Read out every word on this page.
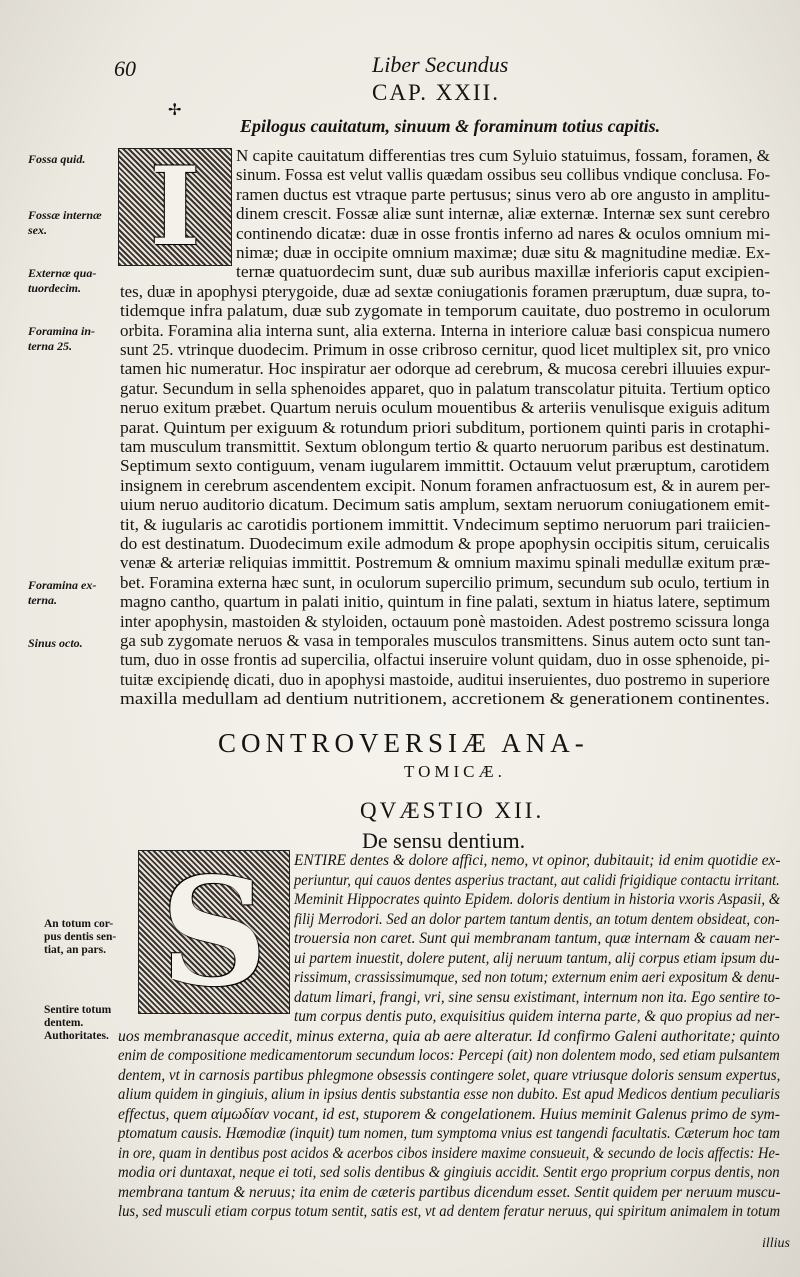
60	Liber Secundus
CAP. XXII.
✢
Epilogus cauitatum, sinuum & foraminum totius capitis.
Fossa quid.
Fossæ internæ
sex.
Externæ qua-
tuordecim.
Foramina in-
terna 25.
Foramina ex-
terna.
Sinus octo.
I	N capite cauitatum differentias tres cum Syluio statuimus, fossam, foramen, &
sinum. Fossa est velut vallis quædam ossibus seu collibus vndique conclusa. Fo-
ramen ductus est vtraque parte pertusus; sinus vero ab ore angusto in amplitu-
dinem crescit. Fossæ aliæ sunt internæ, aliæ externæ. Internæ sex sunt cerebro
continendo dicatæ: duæ in osse frontis inferno ad nares & oculos omnium mi-
nimæ; duæ in occipite omnium maximæ; duæ situ & magnitudine mediæ. Ex-
ternæ quatuordecim sunt, duæ sub auribus maxillæ inferioris caput excipien-
tes, duæ in apophysi pterygoide, duæ ad sextæ coniugationis foramen præruptum, duæ supra, to-
tidemque infra palatum, duæ sub zygomate in temporum cauitate, duo postremo in oculorum
orbita. Foramina alia interna sunt, alia externa. Interna in interiore caluæ basi conspicua numero
sunt 25. vtrinque duodecim. Primum in osse cribroso cernitur, quod licet multiplex sit, pro vnico
tamen hic numeratur. Hoc inspiratur aer odorque ad cerebrum, & mucosa cerebri illuuies expur-
gatur. Secundum in sella sphenoides apparet, quo in palatum transcolatur pituita. Tertium optico
neruo exitum præbet. Quartum neruis oculum mouentibus & arteriis venulisque exiguis aditum
parat. Quintum per exiguum & rotundum priori subditum, portionem quinti paris in crotaphi-
tam musculum transmittit. Sextum oblongum tertio & quarto neruorum paribus est destinatum.
Septimum sexto contiguum, venam iugularem immittit. Octauum velut præruptum, carotidem
insignem in cerebrum ascendentem excipit. Nonum foramen anfractuosum est, & in aurem per-
uium neruo auditorio dicatum. Decimum satis amplum, sextam neruorum coniugationem emit-
tit, & iugularis ac carotidis portionem immittit. Vndecimum septimo neruorum pari traiicien-
do est destinatum. Duodecimum exile admodum & prope apophysin occipitis situm, ceruicalis
venæ & arteriæ reliquias immittit. Postremum & omnium maximu spinali medullæ exitum præ-
bet. Foramina externa hæc sunt, in oculorum supercilio primum, secundum sub oculo, tertium in
magno cantho, quartum in palati initio, quintum in fine palati, sextum in hiatus latere, septimum
inter apophysin, mastoiden & styloiden, octauum ponè mastoiden. Adest postremo scissura longa
ga sub zygomate neruos & vasa in temporales musculos transmittens. Sinus autem octo sunt tan-
tum, duo in osse frontis ad supercilia, olfactui inseruire volunt quidam, duo in osse sphenoide, pi-
tuitæ excipiendę dicati, duo in apophysi mastoide, auditui inseruientes, duo postremo in superiore
maxilla medullam ad dentium nutritionem, accretionem & generationem continentes.
CONTROVERSIÆ ANA-
TOMICÆ.
QVÆSTIO XII.
De sensu dentium.
An totum cor-
pus dentis sen-
tiat, an pars.
Sentire totum
dentem.
Authoritates.
S	ENTIRE dentes & dolore affici, nemo, vt opinor, dubitauit; id enim quotidie ex-
periuntur, qui cauos dentes asperius tractant, aut calidi frigidique contactu irritant.
Meminit Hippocrates quinto Epidem. doloris dentium in historia vxoris Aspasii, &
filij Merrodori. Sed an dolor partem tantum dentis, an totum dentem obsideat, con-
trouersia non caret. Sunt qui membranam tantum, quæ internam & cauam ner-
ui partem inuestit, dolere putent, alij neruum tantum, alij corpus etiam ipsum du-
rissimum, crassissimumque, sed non totum; externum enim aeri expositum & denu-
datum limari, frangi, vri, sine sensu existimant, internum non ita. Ego sentire to-
tum corpus dentis puto, exquisitius quidem interna parte, & quo propius ad ner-
uos membranasque accedit, minus externa, quia ab aere alteratur. Id confirmo Galeni authoritate; quinto
enim de compositione medicamentorum secundum locos: Percepi (ait) non dolentem modo, sed etiam pulsantem
dentem, vt in carnosis partibus phlegmone obsessis contingere solet, quare vtriusque doloris sensum expertus,
alium quidem in gingiuis, alium in ipsius dentis substantia esse non dubito. Est apud Medicos dentium peculiaris
effectus, quem αἱμωδίαν vocant, id est, stuporem & congelationem. Huius meminit Galenus primo de sym-
ptomatum causis. Hæmodiæ (inquit) tum nomen, tum symptoma vnius est tangendi facultatis. Cæterum hoc tam
in ore, quam in dentibus post acidos & acerbos cibos insidere maxime consueuit, & secundo de locis affectis: He-
modia ori duntaxat, neque ei toti, sed solis dentibus & gingiuis accidit. Sentit ergo proprium corpus dentis, non
membrana tantum & neruus; ita enim de cæteris partibus dicendum esset. Sentit quidem per neruum muscu-
lus, sed musculi etiam corpus totum sentit, satis est, vt ad dentem feratur neruus, qui spiritum animalem in totum
illius
